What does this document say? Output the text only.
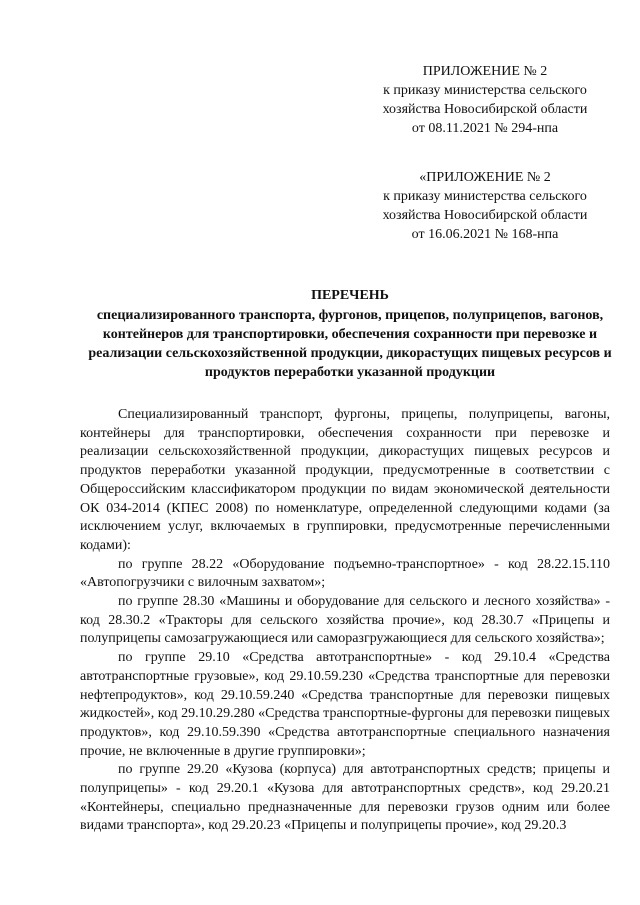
ПРИЛОЖЕНИЕ № 2
к приказу министерства сельского
хозяйства Новосибирской области
от 08.11.2021 № 294-нпа
«ПРИЛОЖЕНИЕ № 2
к приказу министерства сельского
хозяйства Новосибирской области
от 16.06.2021 № 168-нпа
ПЕРЕЧЕНЬ
специализированного транспорта, фургонов, прицепов, полуприцепов, вагонов, контейнеров для транспортировки, обеспечения сохранности при перевозке и реализации сельскохозяйственной продукции, дикорастущих пищевых ресурсов и продуктов переработки указанной продукции

Специализированный транспорт, фургоны, прицепы, полуприцепы, вагоны, контейнеры для транспортировки, обеспечения сохранности при перевозке и реализации сельскохозяйственной продукции, дикорастущих пищевых ресурсов и продуктов переработки указанной продукции, предусмотренные в соответствии с Общероссийским классификатором продукции по видам экономической деятельности ОК 034-2014 (КПЕС 2008) по номенклатуре, определенной следующими кодами (за исключением услуг, включаемых в группировки, предусмотренные перечисленными кодами):

по группе 28.22 «Оборудование подъемно-транспортное» - код 28.22.15.110 «Автопогрузчики с вилочным захватом»;

по группе 28.30 «Машины и оборудование для сельского и лесного хозяйства» - код 28.30.2 «Тракторы для сельского хозяйства прочие», код 28.30.7 «Прицепы и полуприцепы самозагружающиеся или саморазгружающиеся для сельского хозяйства»;

по группе 29.10 «Средства автотранспортные» - код 29.10.4 «Средства автотранспортные грузовые», код 29.10.59.230 «Средства транспортные для перевозки нефтепродуктов», код 29.10.59.240 «Средства транспортные для перевозки пищевых жидкостей», код 29.10.29.280 «Средства транспортные-фургоны для перевозки пищевых продуктов», код 29.10.59.390 «Средства автотранспортные специального назначения прочие, не включенные в другие группировки»;

по группе 29.20 «Кузова (корпуса) для автотранспортных средств; прицепы и полуприцепы» - код 29.20.1 «Кузова для автотранспортных средств», код 29.20.21 «Контейнеры, специально предназначенные для перевозки грузов одним или более видами транспорта», код 29.20.23 «Прицепы и полуприцепы прочие», код 29.20.3
